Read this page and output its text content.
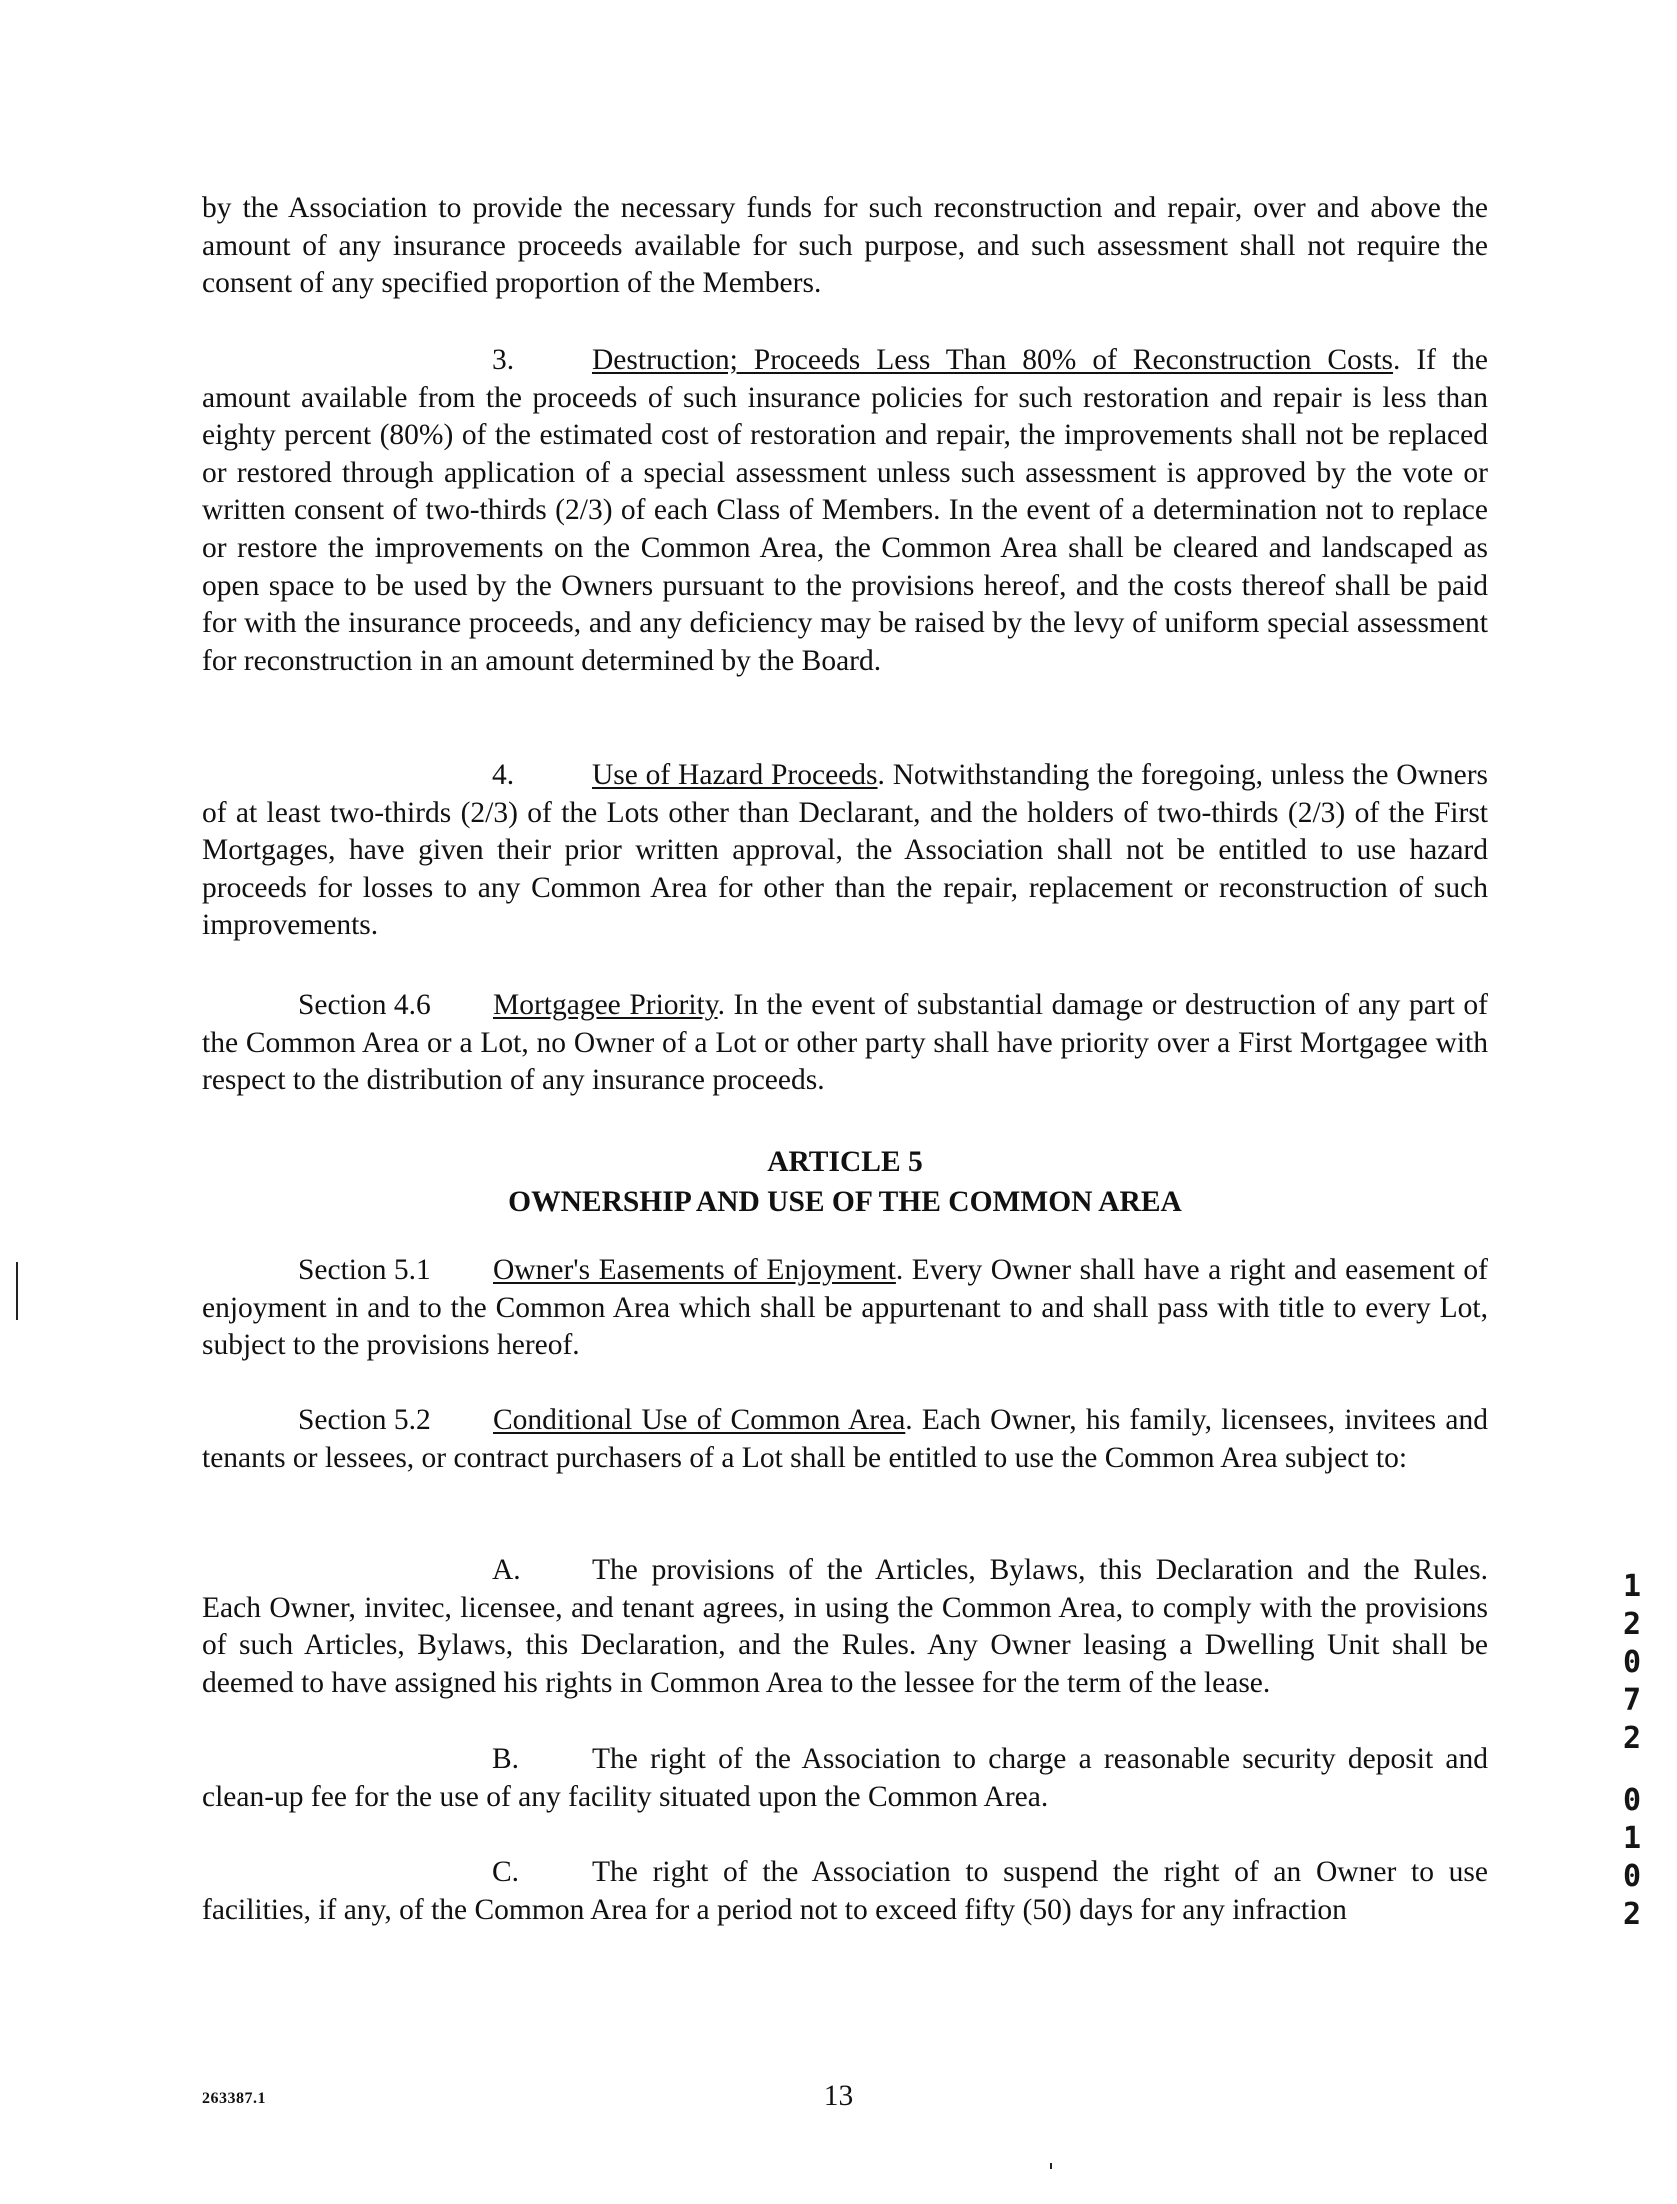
by the Association to provide the necessary funds for such reconstruction and repair, over and above the amount of any insurance proceeds available for such purpose, and such assessment shall not require the consent of any specified proportion of the Members.

3.	Destruction; Proceeds Less Than 80% of Reconstruction Costs. If the amount available from the proceeds of such insurance policies for such restoration and repair is less than eighty percent (80%) of the estimated cost of restoration and repair, the improvements shall not be replaced or restored through application of a special assessment unless such assessment is approved by the vote or written consent of two-thirds (2/3) of each Class of Members. In the event of a determination not to replace or restore the improvements on the Common Area, the Common Area shall be cleared and landscaped as open space to be used by the Owners pursuant to the provisions hereof, and the costs thereof shall be paid for with the insurance proceeds, and any deficiency may be raised by the levy of uniform special assessment for reconstruction in an amount determined by the Board.

4.	Use of Hazard Proceeds. Notwithstanding the foregoing, unless the Owners of at least two-thirds (2/3) of the Lots other than Declarant, and the holders of two-thirds (2/3) of the First Mortgages, have given their prior written approval, the Association shall not be entitled to use hazard proceeds for losses to any Common Area for other than the repair, replacement or reconstruction of such improvements.

Section 4.6 Mortgagee Priority. In the event of substantial damage or destruction of any part of the Common Area or a Lot, no Owner of a Lot or other party shall have priority over a First Mortgagee with respect to the distribution of any insurance proceeds.

ARTICLE 5

OWNERSHIP AND USE OF THE COMMON AREA

Section 5.1 Owner's Easements of Enjoyment. Every Owner shall have a right and easement of enjoyment in and to the Common Area which shall be appurtenant to and shall pass with title to every Lot, subject to the provisions hereof.

Section 5.2 Conditional Use of Common Area. Each Owner, his family, licensees, invitees and tenants or lessees, or contract purchasers of a Lot shall be entitled to use the Common Area subject to:

A. The provisions of the Articles, Bylaws, this Declaration and the Rules. Each Owner, invitec, licensee, and tenant agrees, in using the Common Area, to comply with the provisions of such Articles, Bylaws, this Declaration, and the Rules. Any Owner leasing a Dwelling Unit shall be deemed to have assigned his rights in Common Area to the lessee for the term of the lease.

B. The right of the Association to charge a reasonable security deposit and clean-up fee for the use of any facility situated upon the Common Area.

C. The right of the Association to suspend the right of an Owner to use facilities, if any, of the Common Area for a period not to exceed fifty (50) days for any infraction

263387.1	13
1
2
0
7
2
0
1
0
2
